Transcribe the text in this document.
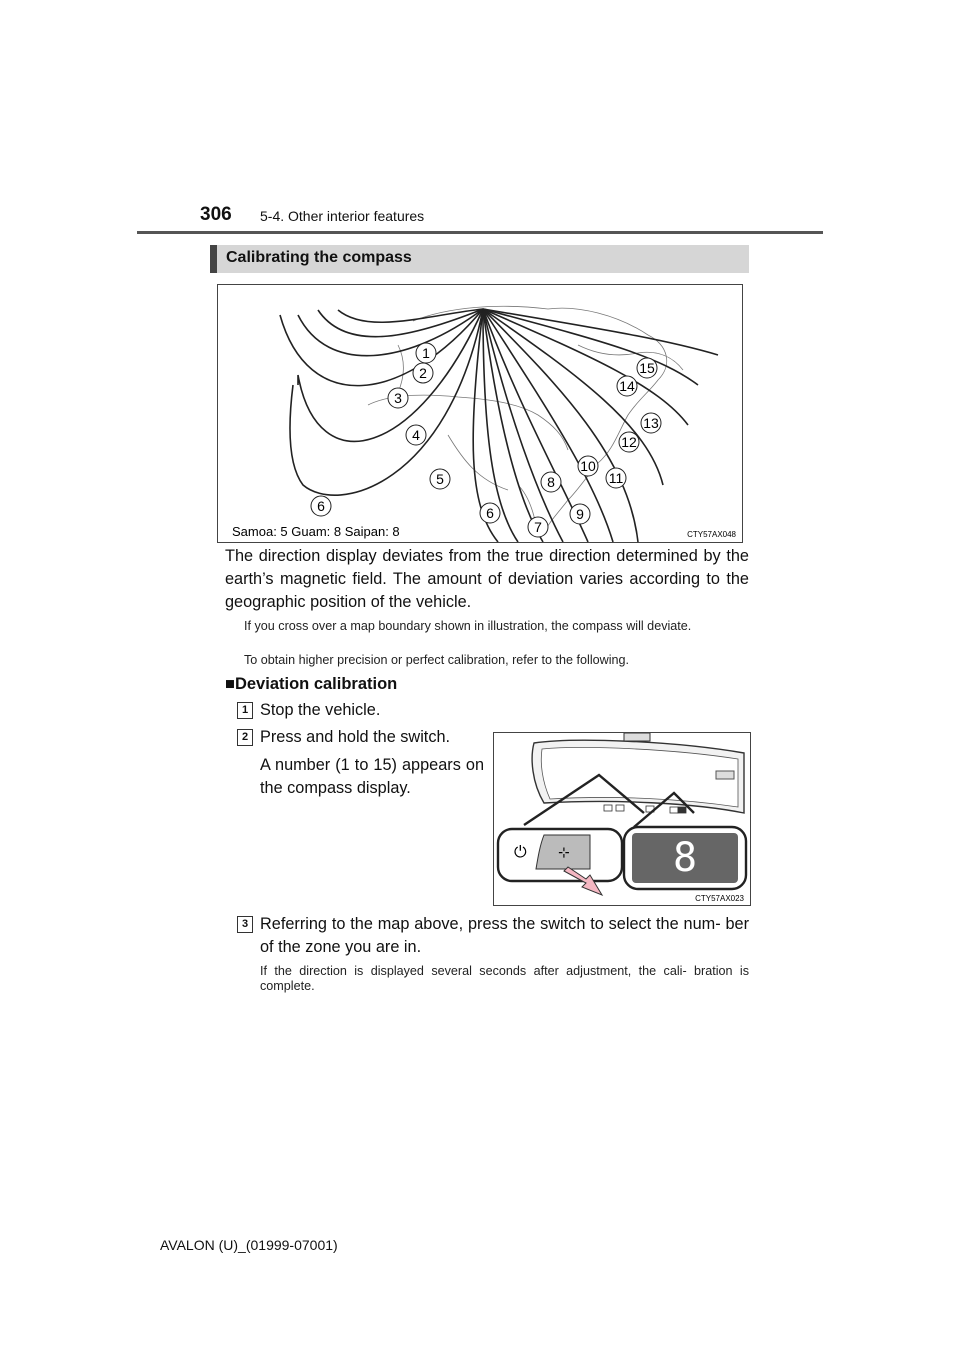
306 5-4. Other interior features
Calibrating the compass
1
2
3
4
5
6	6
7
8
9
10
11
12
13
14
15
Samoa: 5 Guam: 8 Saipan: 8	CTY57AX048
The direction display deviates from the true direction determined by the earth’s magnetic field. The amount of deviation varies according to the geographic position of the vehicle.
If you cross over a map boundary shown in illustration, the compass will deviate.
To obtain higher precision or perfect calibration, refer to the following.
■Deviation calibration
1 Stop the vehicle.
2 Press and hold the switch.
A number (1 to 15) appears on the compass display.
⏻ ⊹	8
CTY57AX023
3 Referring to the map above, press the switch to select the num- ber of the zone you are in.
If the direction is displayed several seconds after adjustment, the cali- bration is complete.
AVALON (U)_(01999-07001)
